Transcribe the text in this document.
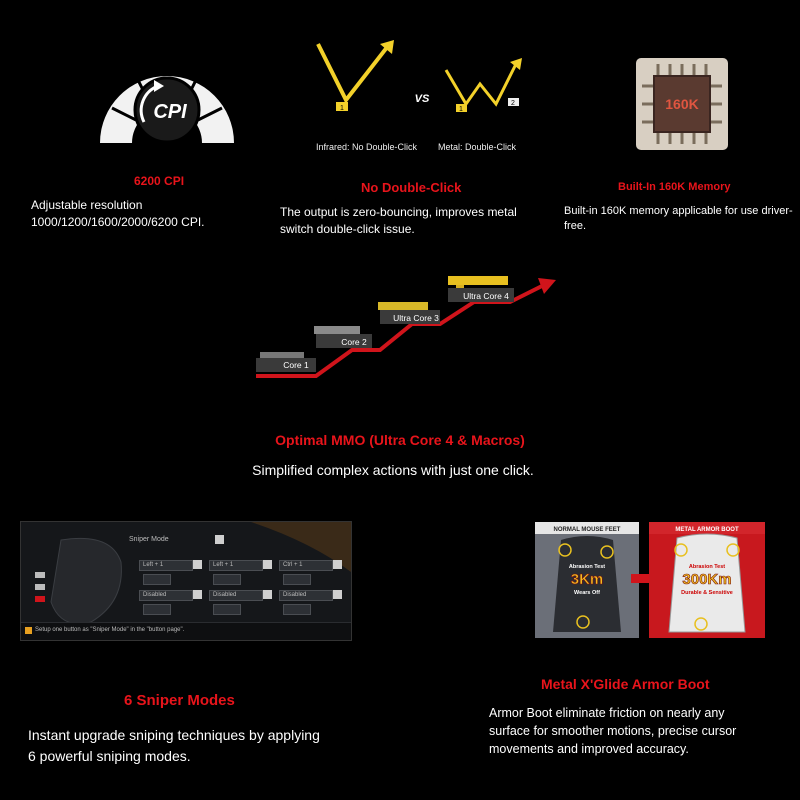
CPI
6200 CPI
Adjustable resolution
1000/1200/1600/2000/6200 CPI.
1
VS
1
2
Infrared: No Double-Click Metal: Double-Click
No Double-Click
The output is zero-bouncing, improves metal
switch double-click issue.
160K
Built-In 160K Memory
Built-in 160K memory applicable for use driver-
free.
Core 1
Core 2
Ultra Core 3
Ultra Core 4
Optimal MMO (Ultra Core 4 & Macros)
Simplified complex actions with just one click.
Sniper Mode
Left + 1	Left + 1	Ctrl + 1
Disabled	Disabled	Disabled
Setup one button as "Sniper Mode" in the "button page".
6 Sniper Modes
Instant upgrade sniping techniques by applying
6 powerful sniping modes.
NORMAL MOUSE FEET
Abrasion Test
3Km
Wears Off
METAL ARMOR BOOT
Abrasion Test
300Km
Durable & Sensitive
Metal X'Glide Armor Boot
Armor Boot eliminate friction on nearly any
surface for smoother motions, precise cursor
movements and improved accuracy.
